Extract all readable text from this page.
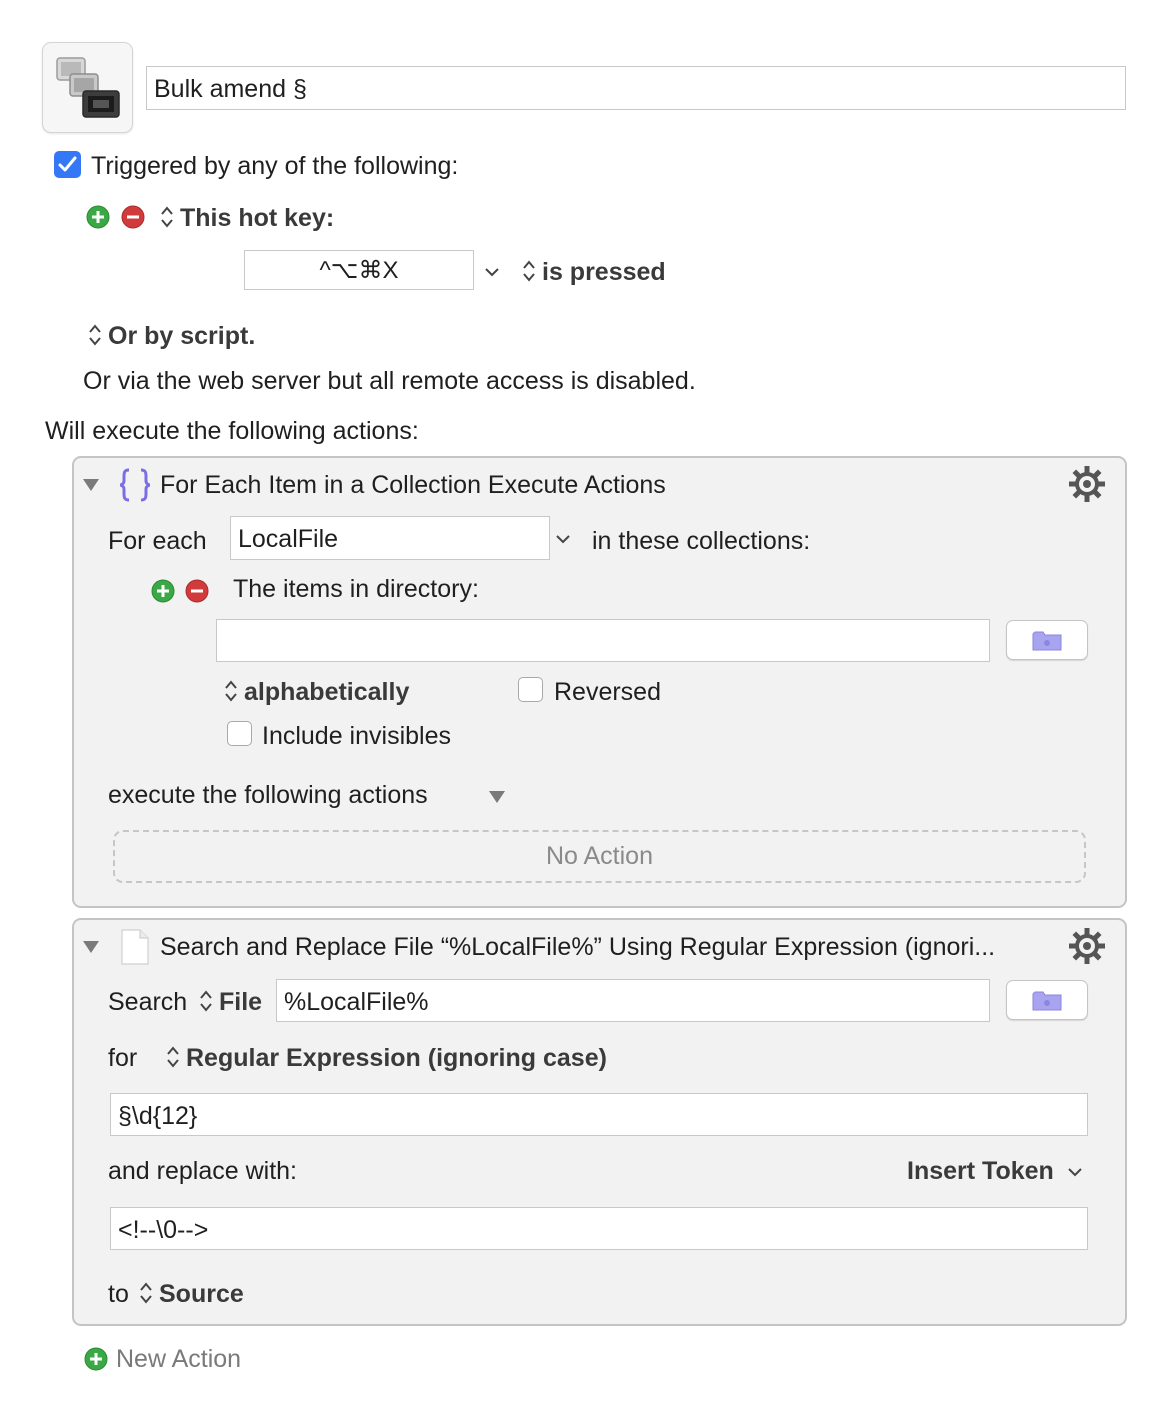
Bulk amend §
Triggered by any of the following:
This hot key:
^⌥⌘X	is pressed
Or by script.
Or via the web server but all remote access is disabled.
Will execute the following actions:
For Each Item in a Collection Execute Actions
For each	LocalFile	in these collections:
The items in directory:
alphabetically	Reversed
Include invisibles
execute the following actions
No Action
Search and Replace File “%LocalFile%” Using Regular Expression (ignori...
Search	File %LocalFile%
for	Regular Expression (ignoring case)
§\d{12}
and replace with:	Insert Token
<!--\0-->
to	Source
New Action
